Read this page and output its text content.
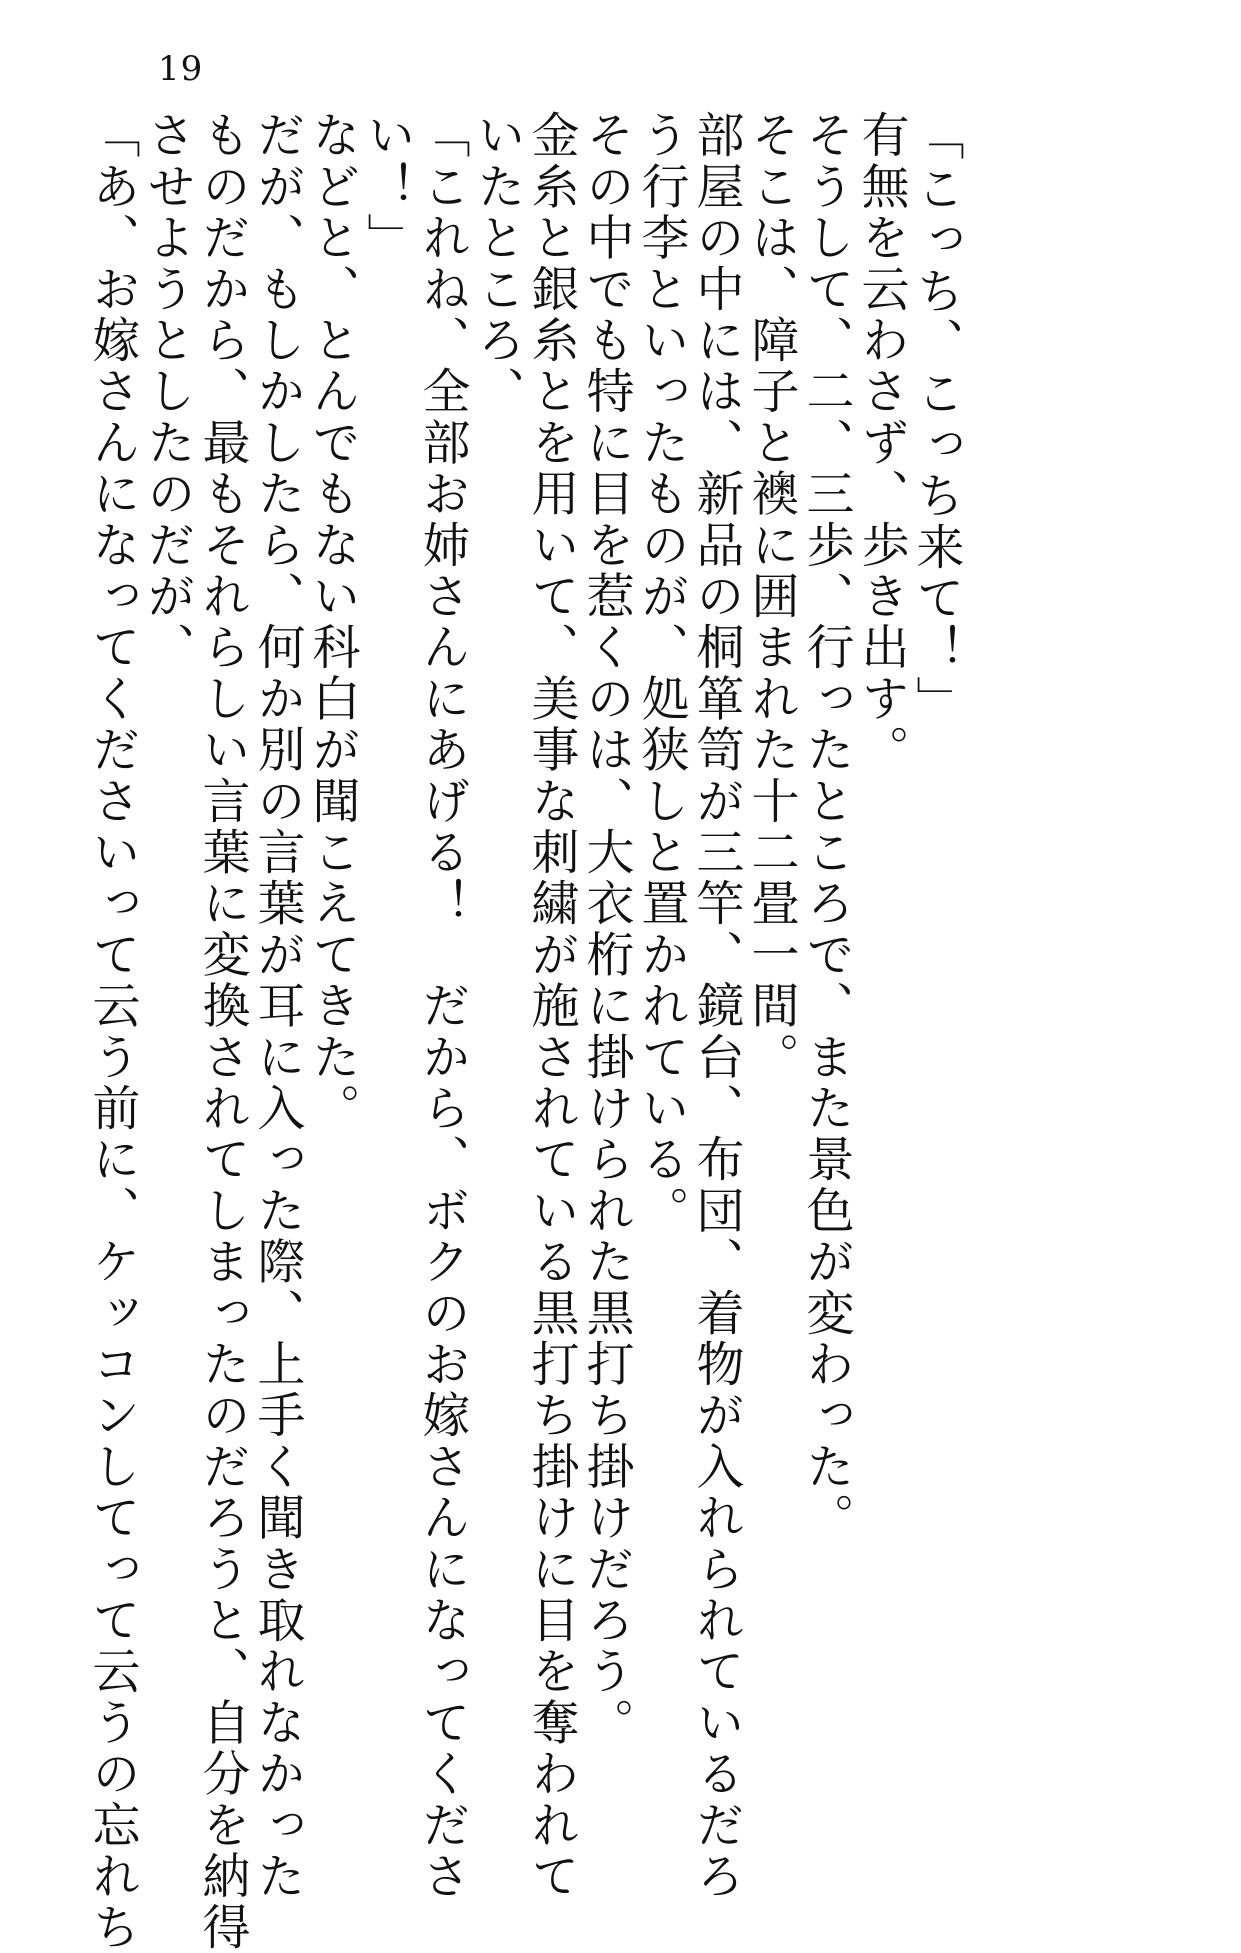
19
「こっち、こっち来て！」
有無を云わさず、歩き出す。
そうして、二、三歩、行ったところで、また景色が変わった。
そこは、障子と襖に囲まれた十二畳一間。
部屋の中には、新品の桐箪笥が三竿、鏡台、布団、着物が入れられているだろ
う行李といったものが、処狭しと置かれている。
その中でも特に目を惹くのは、大衣桁に掛けられた黒打ち掛けだろう。
金糸と銀糸とを用いて、美事な刺繍が施されている黒打ち掛けに目を奪われて
いたところ、
「これね、全部お姉さんにあげる！　だから、ボクのお嫁さんになってくださ
い！」
などと、とんでもない科白が聞こえてきた。
だが、もしかしたら、何か別の言葉が耳に入った際、上手く聞き取れなかった
ものだから、最もそれらしい言葉に変換されてしまったのだろうと、自分を納得
させようとしたのだが、
「あ、お嫁さんになってくださいって云う前に、ケッコンしてって云うの忘れち
